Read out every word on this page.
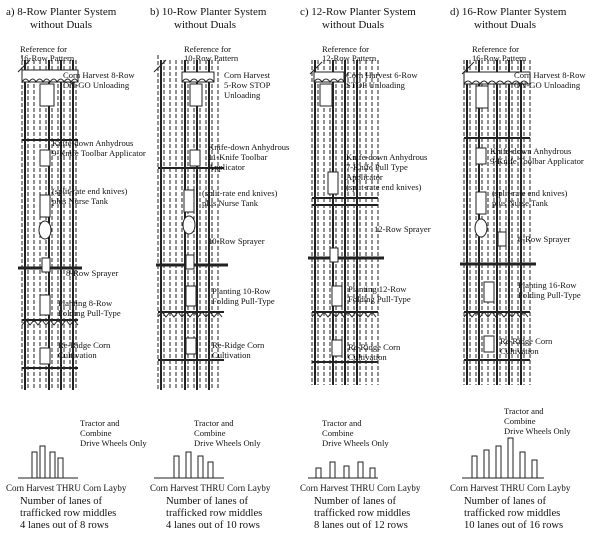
a) 8-Row Planter System
without Duals
Reference for
16-Row Pattern
Corn Harvest 8-Row
ON-GO Unloading
Knife-down Anhydrous
9-Knife Toolbar Applicator
(split-rate end knives)
plus Nurse Tank
8-Row Sprayer
Planting 8-Row
Folding Pull-Type
Re-Ridge Corn
Cultivation
Tractor and
Combine
Drive Wheels Only
Corn Harvest THRU Corn Layby
Number of lanes of
trafficked row middles
4 lanes out of 8 rows
b) 10-Row Planter System
without Duals
Reference for
10-Row Pattern
Corn Harvest
5-Row STOP
Unloading
Knife-down Anhydrous
11-Knife Toolbar
Applicator
(split-rate end knives)
plus Nurse Tank
10-Row Sprayer
Planting 10-Row
Folding Pull-Type
Re-Ridge Corn
Cultivation
Tractor and
Combine
Drive Wheels Only
Corn Harvest THRU Corn Layby
Number of lanes of
trafficked row middles
4 lanes out of 10 rows
c) 12-Row Planter System
without Duals
Reference for
12-Row Pattern
Corn Harvest 6-Row
STOP Unloading
Knife-down Anhydrous
7-Knife Pull Type
Applicator
(split-rate end knives)
12-Row Sprayer
Planting 12-Row
Folding Pull-Type
Re-Ridge Corn
Cultivation
Tractor and
Combine
Drive Wheels Only
Corn Harvest THRU Corn Layby
Number of lanes of
trafficked row middles
8 lanes out of 12 rows
d) 16-Row Planter System
without Duals
Reference for
16-Row Pattern
Corn Harvest 8-Row
ON-GO Unloading
Knife-down Anhydrous
9-Knife Toolbar Applicator
(split-rate end knives)
plus Nurse Tank
6-Row Sprayer
Planting 16-Row
Folding Pull-Type
Re-Ridge Corn
Cultivation
Tractor and
Combine
Drive Wheels Only
Corn Harvest THRU Corn Layby
Number of lanes of
trafficked row middles
10 lanes out of 16 rows
